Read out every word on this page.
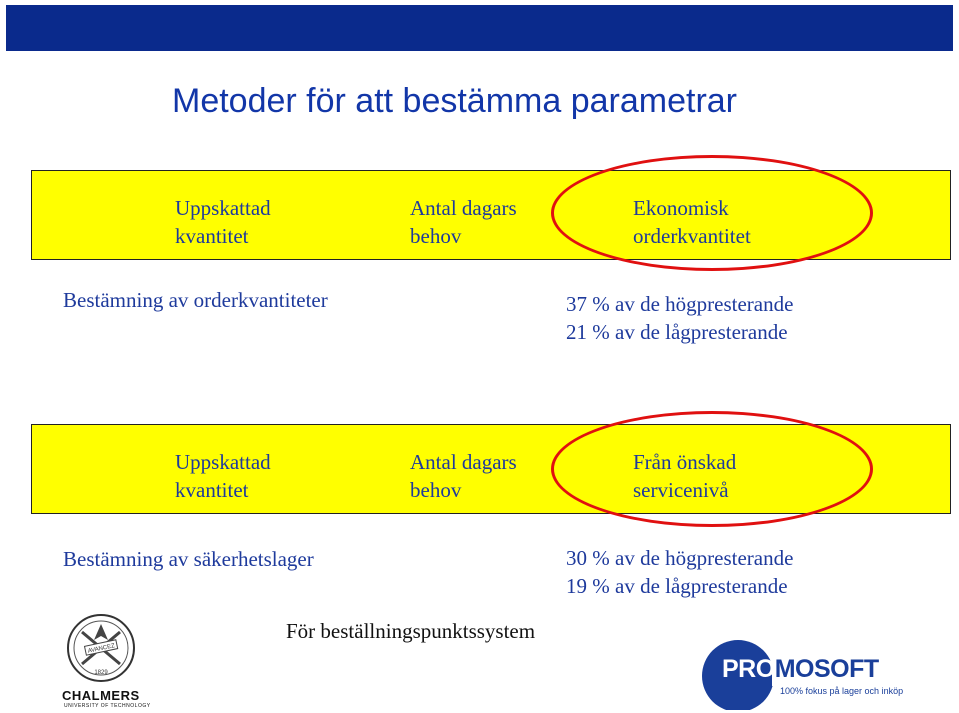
Metoder för att bestämma parametrar
Uppskattad
kvantitet
Antal dagars
behov
Ekonomisk
orderkvantitet
Bestämning av orderkvantiteter	37 % av de högpresterande
21 % av de lågpresterande
Uppskattad
kvantitet
Antal dagars
behov
Från önskad
servicenivå
Bestämning av säkerhetslager	30 % av de högpresterande
19 % av de lågpresterande
För beställningspunktssystem
AVANCEZ
1829
CHALMERS
UNIVERSITY OF TECHNOLOGY
PROMOSOFT
100% fokus på lager och inköp
